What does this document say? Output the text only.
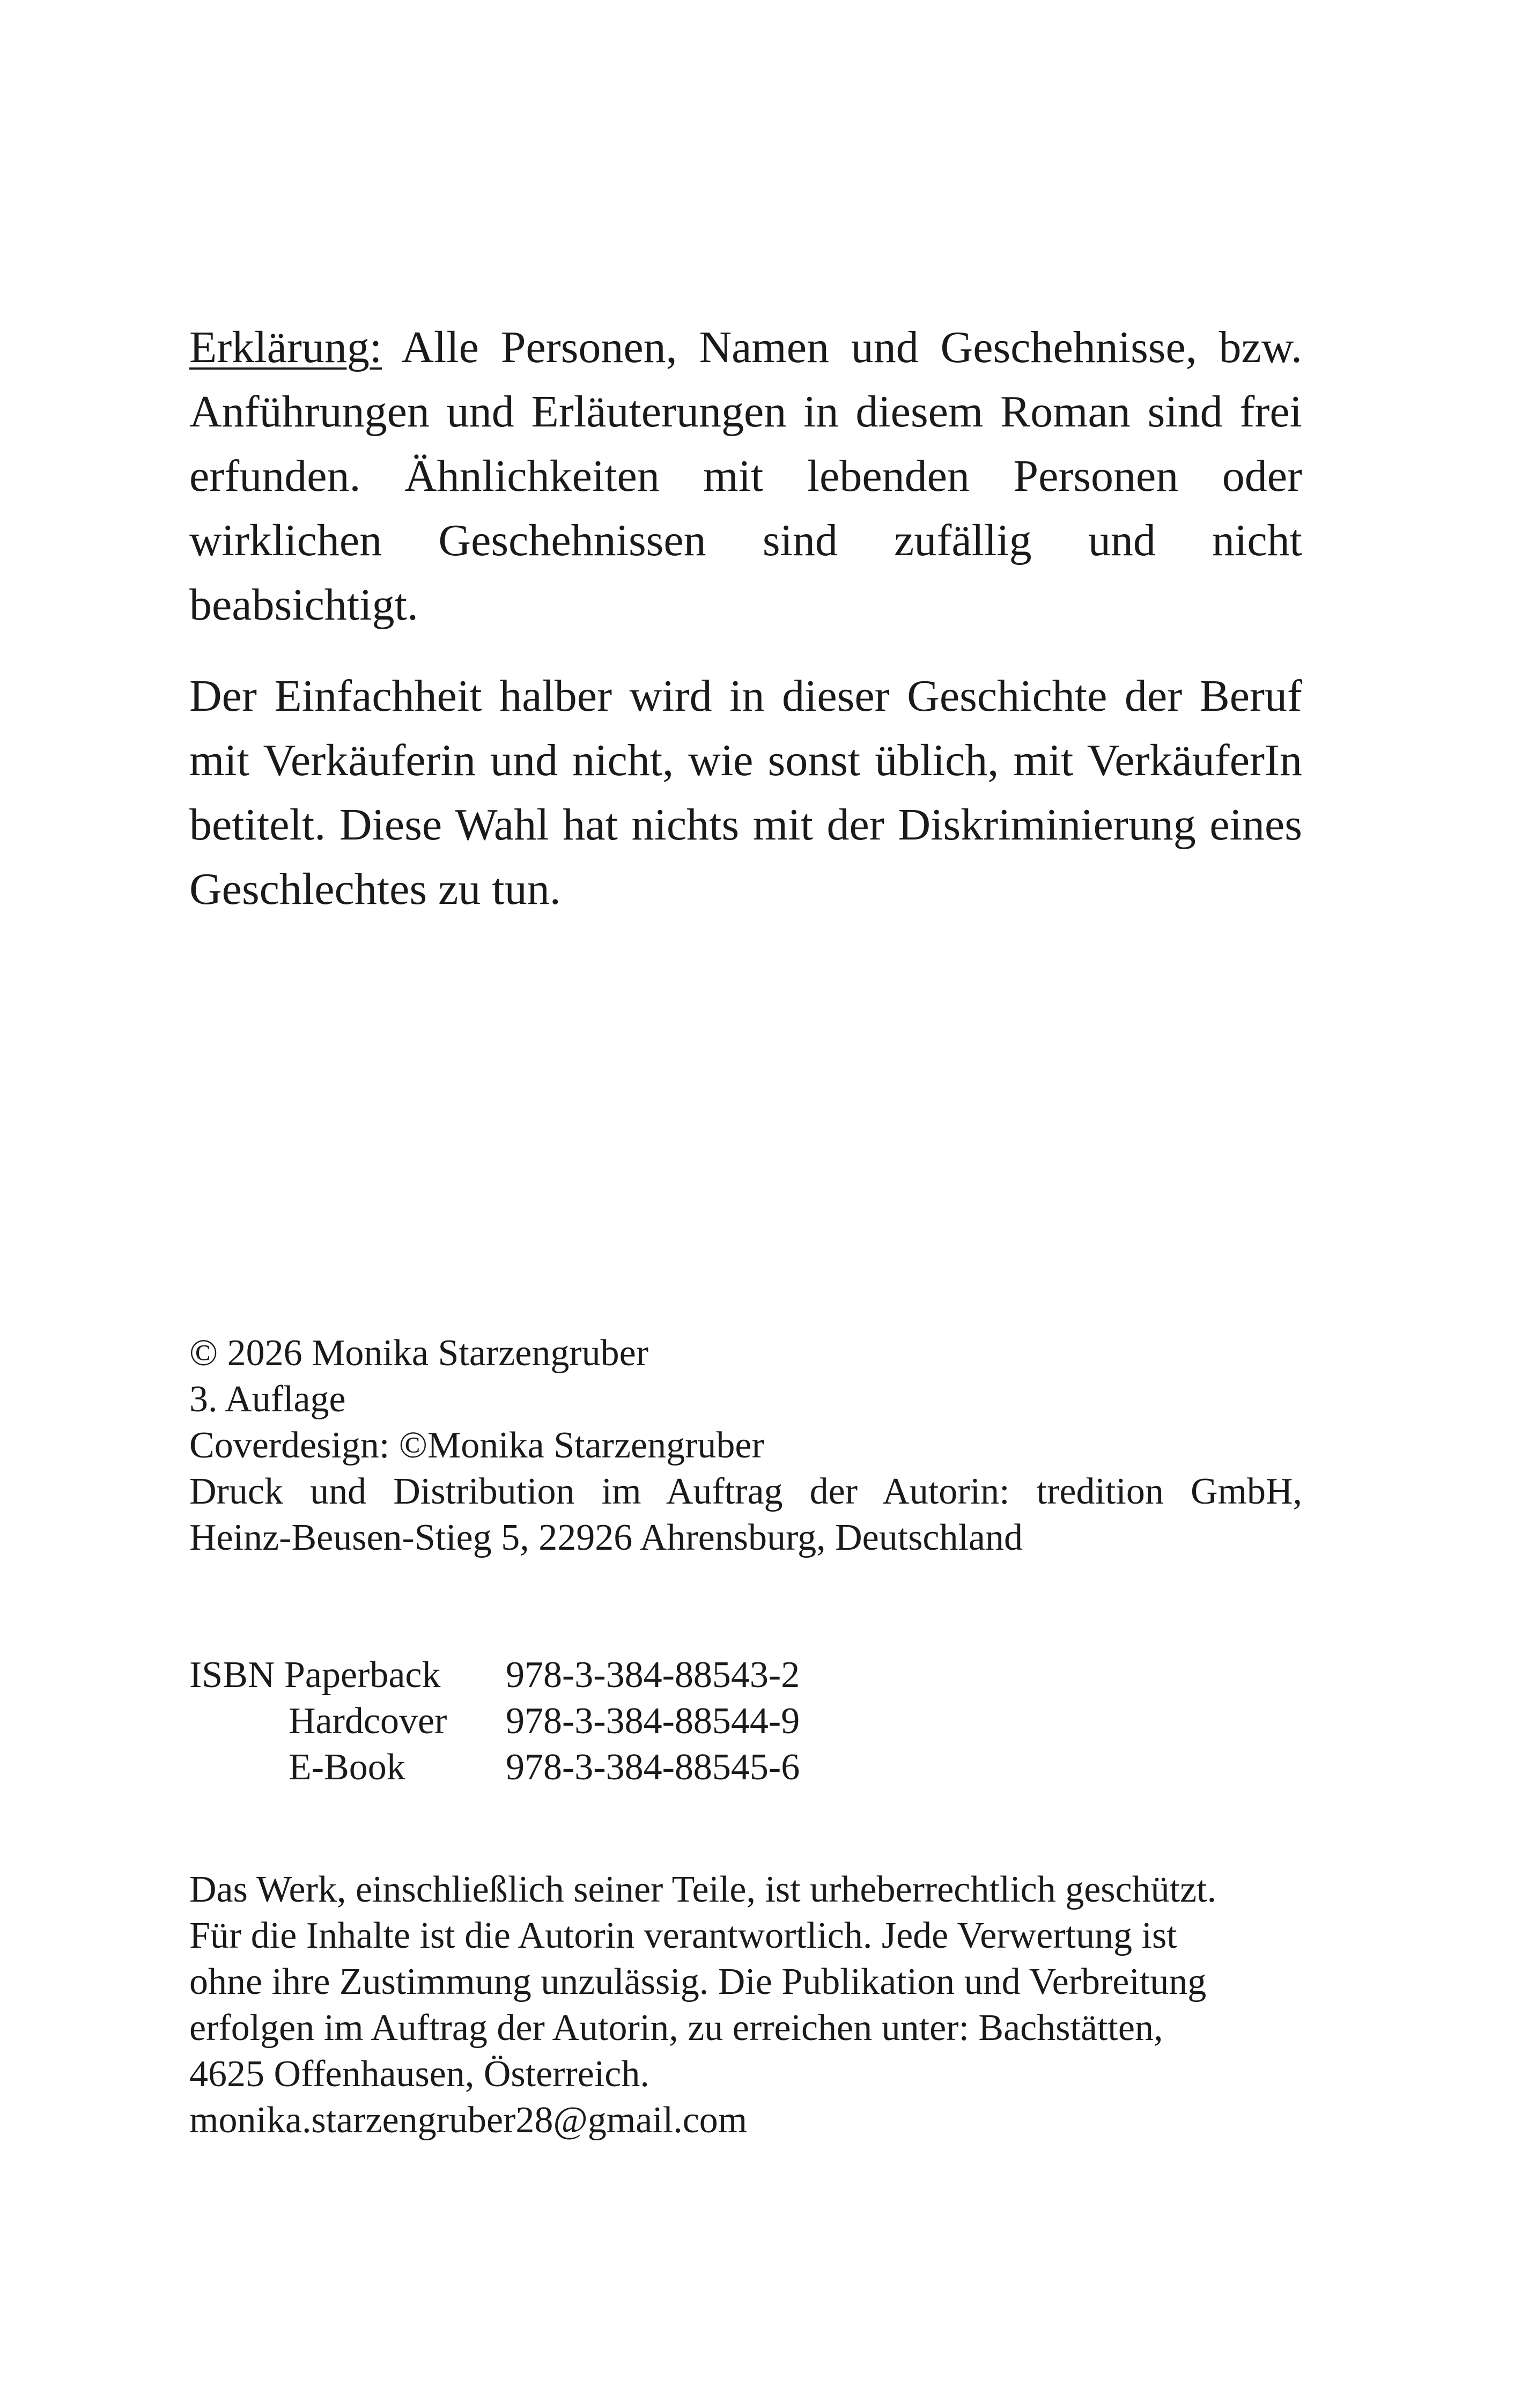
Erklärung: Alle Personen, Namen und Geschehnisse, bzw. Anführungen und Erläuterungen in diesem Roman sind frei erfunden. Ähnlichkeiten mit lebenden Personen oder wirklichen Geschehnissen sind zufällig und nicht beabsichtigt.

Der Einfachheit halber wird in dieser Geschichte der Beruf mit Verkäuferin und nicht, wie sonst üblich, mit VerkäuferIn betitelt. Diese Wahl hat nichts mit der Diskriminierung eines Geschlechtes zu tun.

© 2026 Monika Starzengruber

3. Auflage

Coverdesign: ©Monika Starzengruber

Druck und Distribution im Auftrag der Autorin: tredition GmbH,

Heinz-Beusen-Stieg 5, 22926 Ahrensburg, Deutschland

ISBN Paperback	978-3-384-88543-2
Hardcover	978-3-384-88544-9
E-Book	978-3-384-88545-6

Das Werk, einschließlich seiner Teile, ist urheberrechtlich geschützt.

Für die Inhalte ist die Autorin verantwortlich. Jede Verwertung ist

ohne ihre Zustimmung unzulässig. Die Publikation und Verbreitung

erfolgen im Auftrag der Autorin, zu erreichen unter: Bachstätten,

4625 Offenhausen, Österreich.

monika.starzengruber28@gmail.com
